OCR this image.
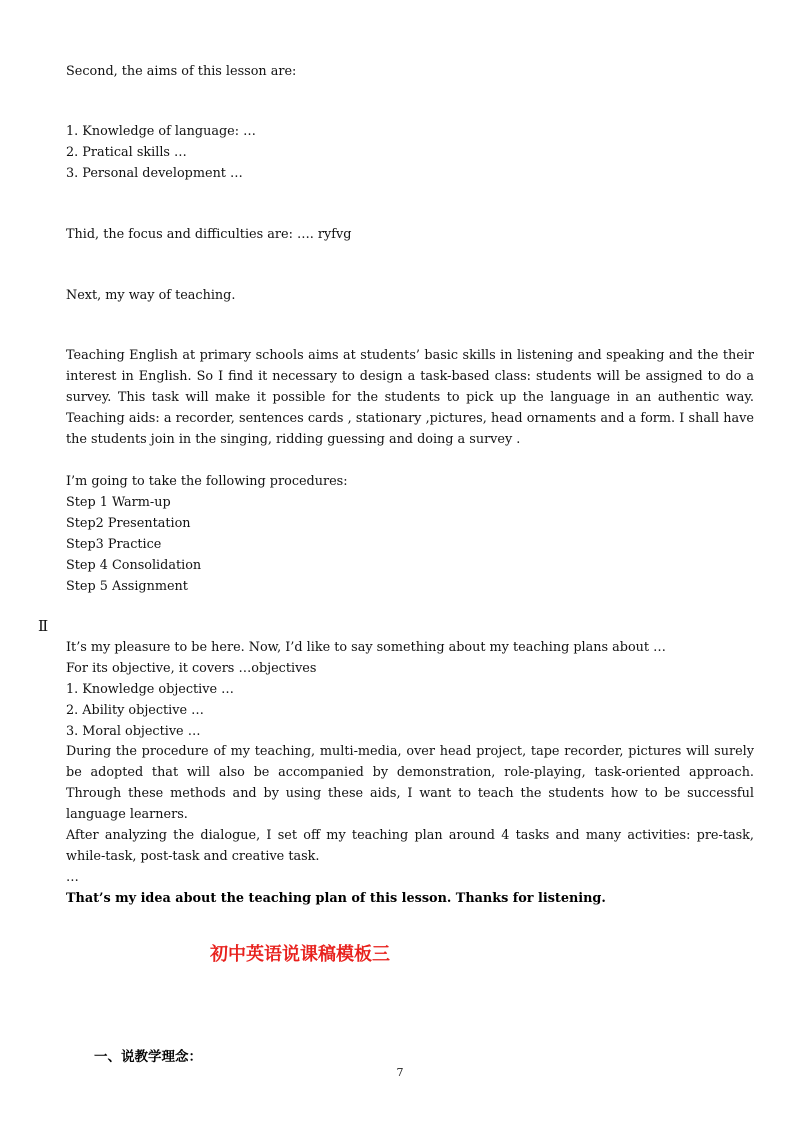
Second, the aims of this lesson are:
1. Knowledge of language: …
2. Pratical skills …
3. Personal development …
Thid, the focus and difficulties are: …. ryfvg
Next, my way of teaching.
Teaching English at primary schools aims at students’ basic skills in listening and speaking and the their interest in English. So I find it necessary to design a task-based class: students will be assigned to do a survey. This task will make it possible for the students to pick up the language in an authentic way. Teaching aids: a recorder, sentences cards , stationary ,pictures, head ornaments and a form. I shall have the students join in the singing, ridding guessing and doing a survey .
I’m going to take the following procedures:
Step 1 Warm-up
Step2 Presentation
Step3 Practice
Step 4 Consolidation
Step 5 Assignment
Ⅱ
It’s my pleasure to be here. Now, I’d like to say something about my teaching plans about …
For its objective, it covers …objectives
1. Knowledge objective …
2. Ability objective …
3. Moral objective …
During the procedure of my teaching, multi-media, over head project, tape recorder, pictures will surely be adopted that will also be accompanied by demonstration, role-playing, task-oriented approach. Through these methods and by using these aids, I want to teach the students how to be successful language learners.
After analyzing the dialogue, I set off my teaching plan around 4 tasks and many activities: pre-task, while-task, post-task and creative task.
…
That’s my idea about the teaching plan of this lesson. Thanks for listening.
初中英语说课稿模板三
一、说教学理念：
7
